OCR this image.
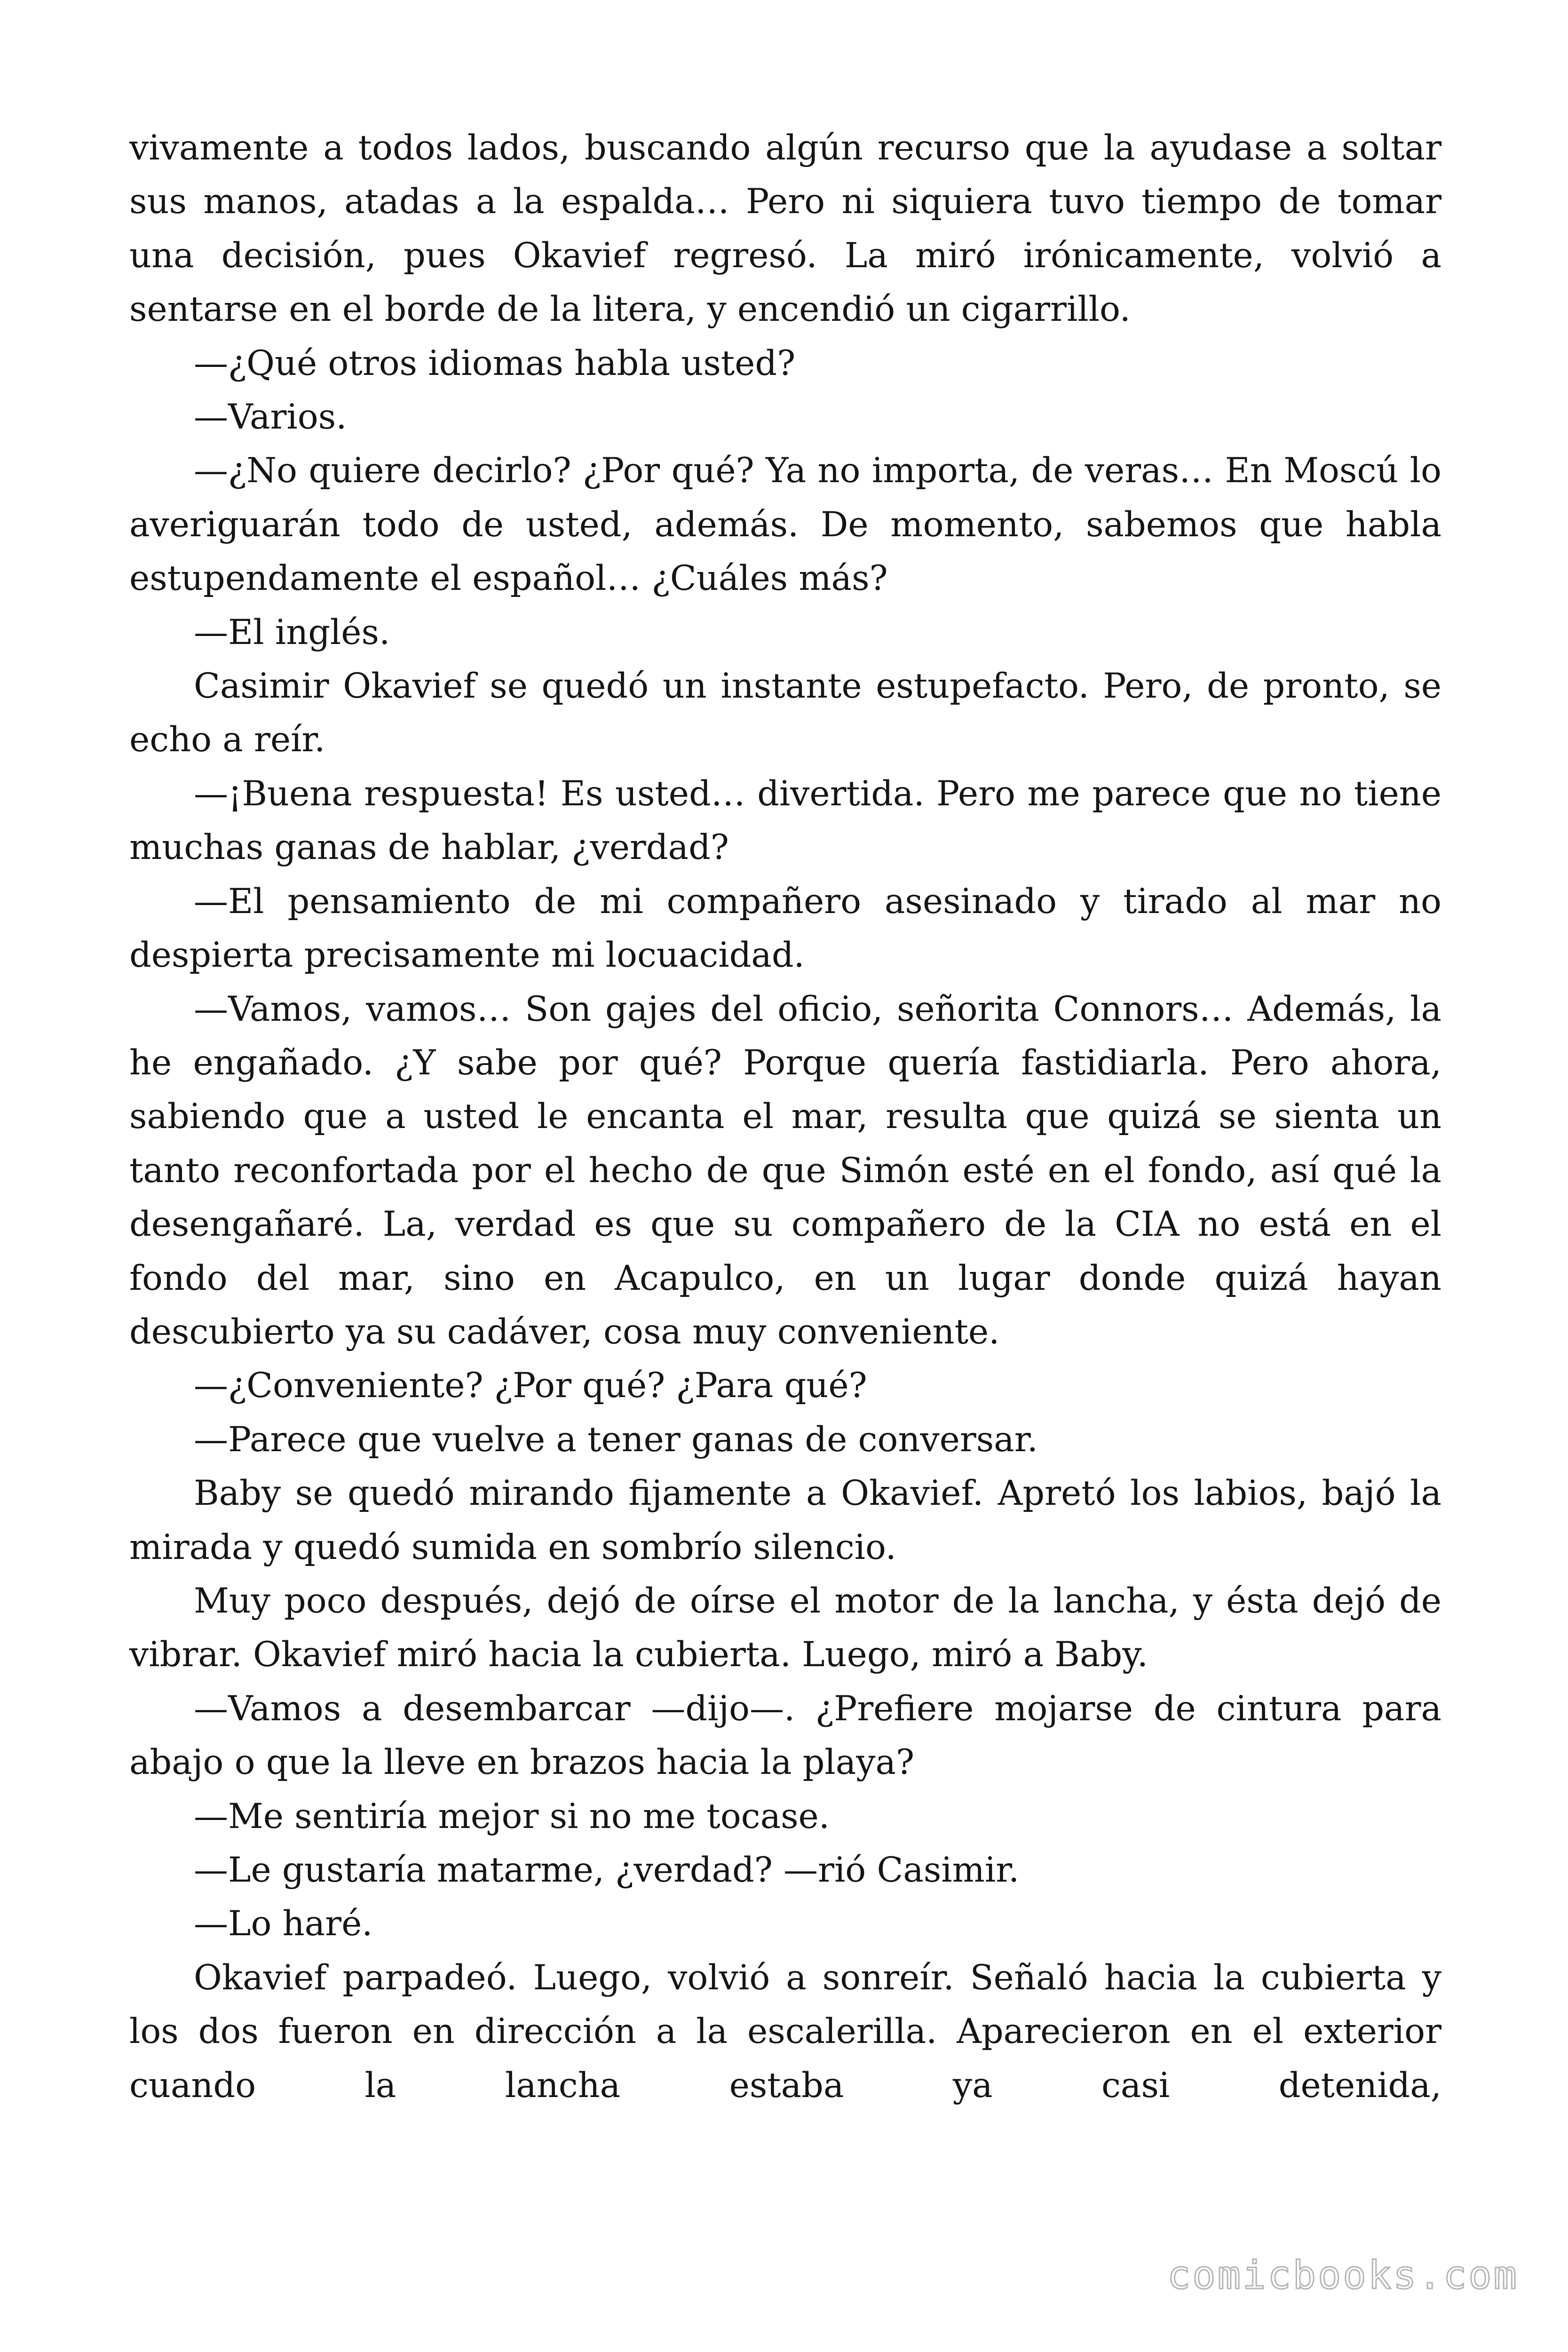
vivamente a todos lados, buscando algún recurso que la ayudase a soltar sus manos, atadas a la espalda… Pero ni siquiera tuvo tiempo de tomar una decisión, pues Okavief regresó. La miró irónicamente, volvió a sentarse en el borde de la litera, y encendió un cigarrillo.

—¿Qué otros idiomas habla usted?

—Varios.

—¿No quiere decirlo? ¿Por qué? Ya no importa, de veras… En Moscú lo averiguarán todo de usted, además. De momento, sabemos que habla estupendamente el español… ¿Cuáles más?

—El inglés.

Casimir Okavief se quedó un instante estupefacto. Pero, de pronto, se echo a reír.

—¡Buena respuesta! Es usted… divertida. Pero me parece que no tiene muchas ganas de hablar, ¿verdad?

—El pensamiento de mi compañero asesinado y tirado al mar no despierta precisamente mi locuacidad.

—Vamos, vamos… Son gajes del oficio, señorita Connors… Además, la he engañado. ¿Y sabe por qué? Porque quería fastidiarla. Pero ahora, sabiendo que a usted le encanta el mar, resulta que quizá se sienta un tanto reconfortada por el hecho de que Simón esté en el fondo, así qué la desengañaré. La, verdad es que su compañero de la CIA no está en el fondo del mar, sino en Acapulco, en un lugar donde quizá hayan descubierto ya su cadáver, cosa muy conveniente.

—¿Conveniente? ¿Por qué? ¿Para qué?

—Parece que vuelve a tener ganas de conversar.

Baby se quedó mirando fijamente a Okavief. Apretó los labios, bajó la mirada y quedó sumida en sombrío silencio.

Muy poco después, dejó de oírse el motor de la lancha, y ésta dejó de vibrar. Okavief miró hacia la cubierta. Luego, miró a Baby.

—Vamos a desembarcar —dijo—. ¿Prefiere mojarse de cintura para abajo o que la lleve en brazos hacia la playa?

—Me sentiría mejor si no me tocase.

—Le gustaría matarme, ¿verdad? —rió Casimir.

—Lo haré.

Okavief parpadeó. Luego, volvió a sonreír. Señaló hacia la cubierta y los dos fueron en dirección a la escalerilla. Aparecieron en el exterior cuando la lancha estaba ya casi detenida,

comicbooks.com
